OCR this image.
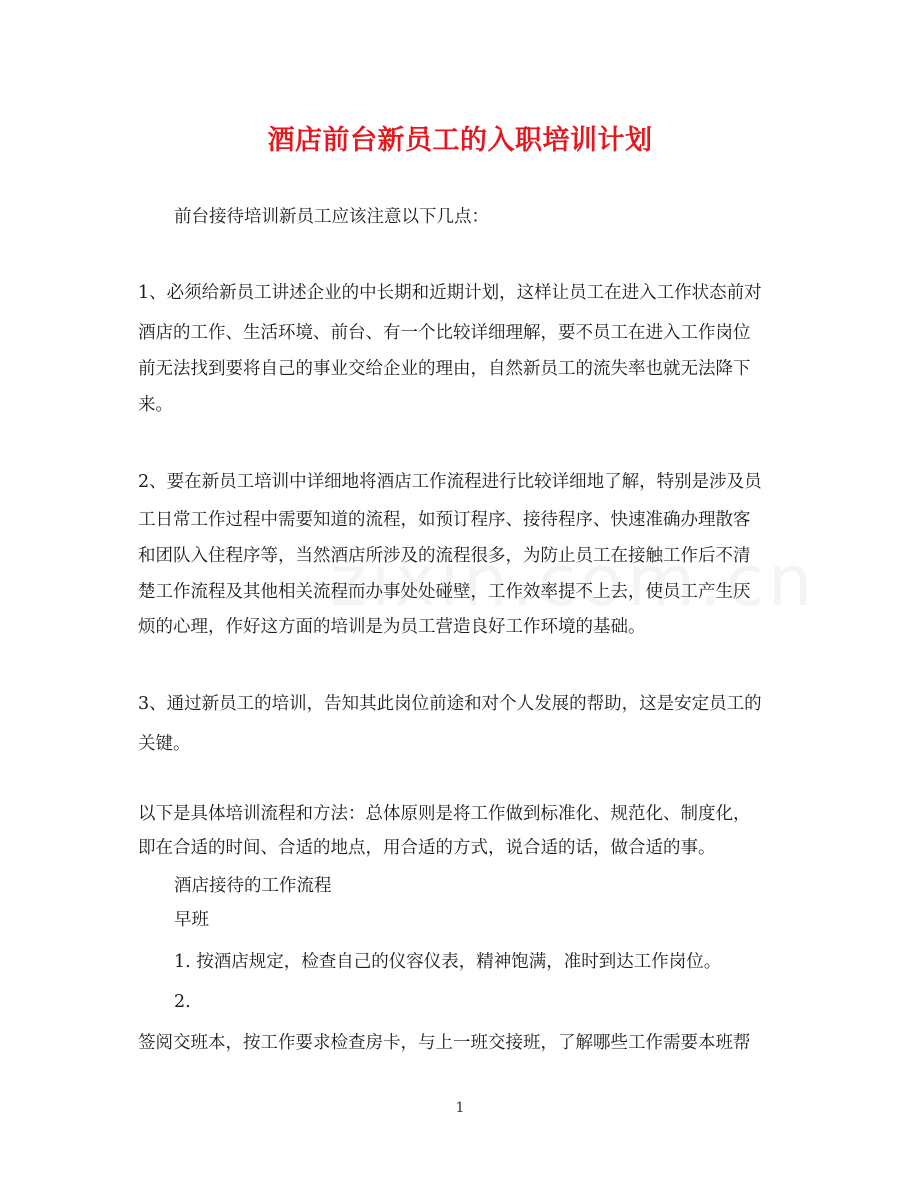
酒店前台新员工的入职培训计划
前台接待培训新员工应该注意以下几点：
1、必须给新员工讲述企业的中长期和近期计划，这样让员工在进入工作状态前对
酒店的工作、生活环境、前台、有一个比较详细理解，要不员工在进入工作岗位
前无法找到要将自己的事业交给企业的理由，自然新员工的流失率也就无法降下
来。
2、要在新员工培训中详细地将酒店工作流程进行比较详细地了解，特别是涉及员
工日常工作过程中需要知道的流程，如预订程序、接待程序、快速准确办理散客
和团队入住程序等，当然酒店所涉及的流程很多，为防止员工在接触工作后不清
楚工作流程及其他相关流程而办事处处碰壁，工作效率提不上去，使员工产生厌
烦的心理，作好这方面的培训是为员工营造良好工作环境的基础。
3、通过新员工的培训，告知其此岗位前途和对个人发展的帮助，这是安定员工的
关键。
以下是具体培训流程和方法：总体原则是将工作做到标准化、规范化、制度化，
即在合适的时间、合适的地点，用合适的方式，说合适的话，做合适的事。
酒店接待的工作流程
早班
1. 按酒店规定，检查自己的仪容仪表，精神饱满，准时到达工作岗位。
2.
签阅交班本，按工作要求检查房卡，与上一班交接班，了解哪些工作需要本班帮
1
